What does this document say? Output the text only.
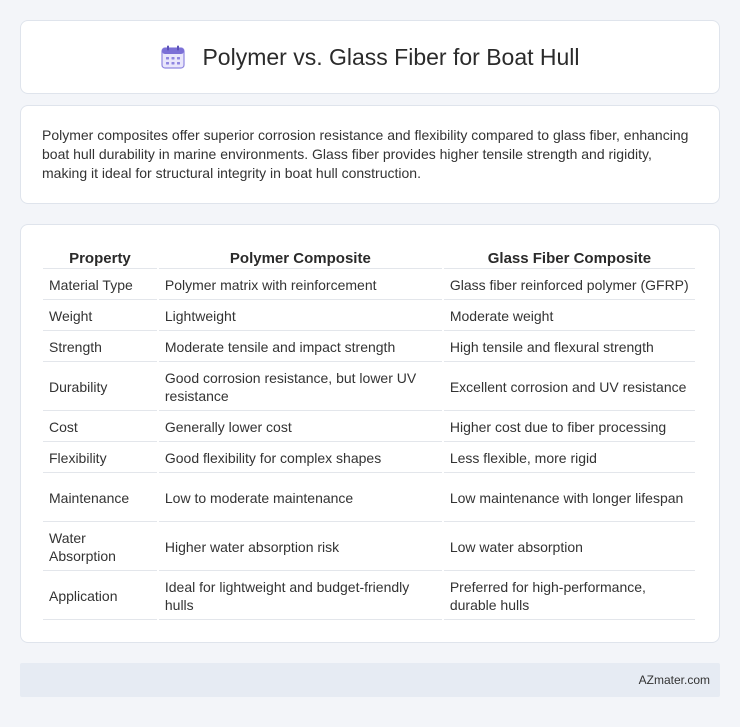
Polymer vs. Glass Fiber for Boat Hull

Polymer composites offer superior corrosion resistance and flexibility compared to glass fiber, enhancing boat hull durability in marine environments. Glass fiber provides higher tensile strength and rigidity, making it ideal for structural integrity in boat hull construction.

Property	Polymer Composite	Glass Fiber Composite
Material Type	Polymer matrix with reinforcement	Glass fiber reinforced polymer (GFRP)
Weight	Lightweight	Moderate weight
Strength	Moderate tensile and impact strength	High tensile and flexural strength
Durability	Good corrosion resistance, but lower UV resistance	Excellent corrosion and UV resistance
Cost	Generally lower cost	Higher cost due to fiber processing
Flexibility	Good flexibility for complex shapes	Less flexible, more rigid
Maintenance	Low to moderate maintenance	Low maintenance with longer lifespan
Water Absorption	Higher water absorption risk	Low water absorption
Application	Ideal for lightweight and budget-friendly hulls	Preferred for high-performance, durable hulls
AZmater.com
